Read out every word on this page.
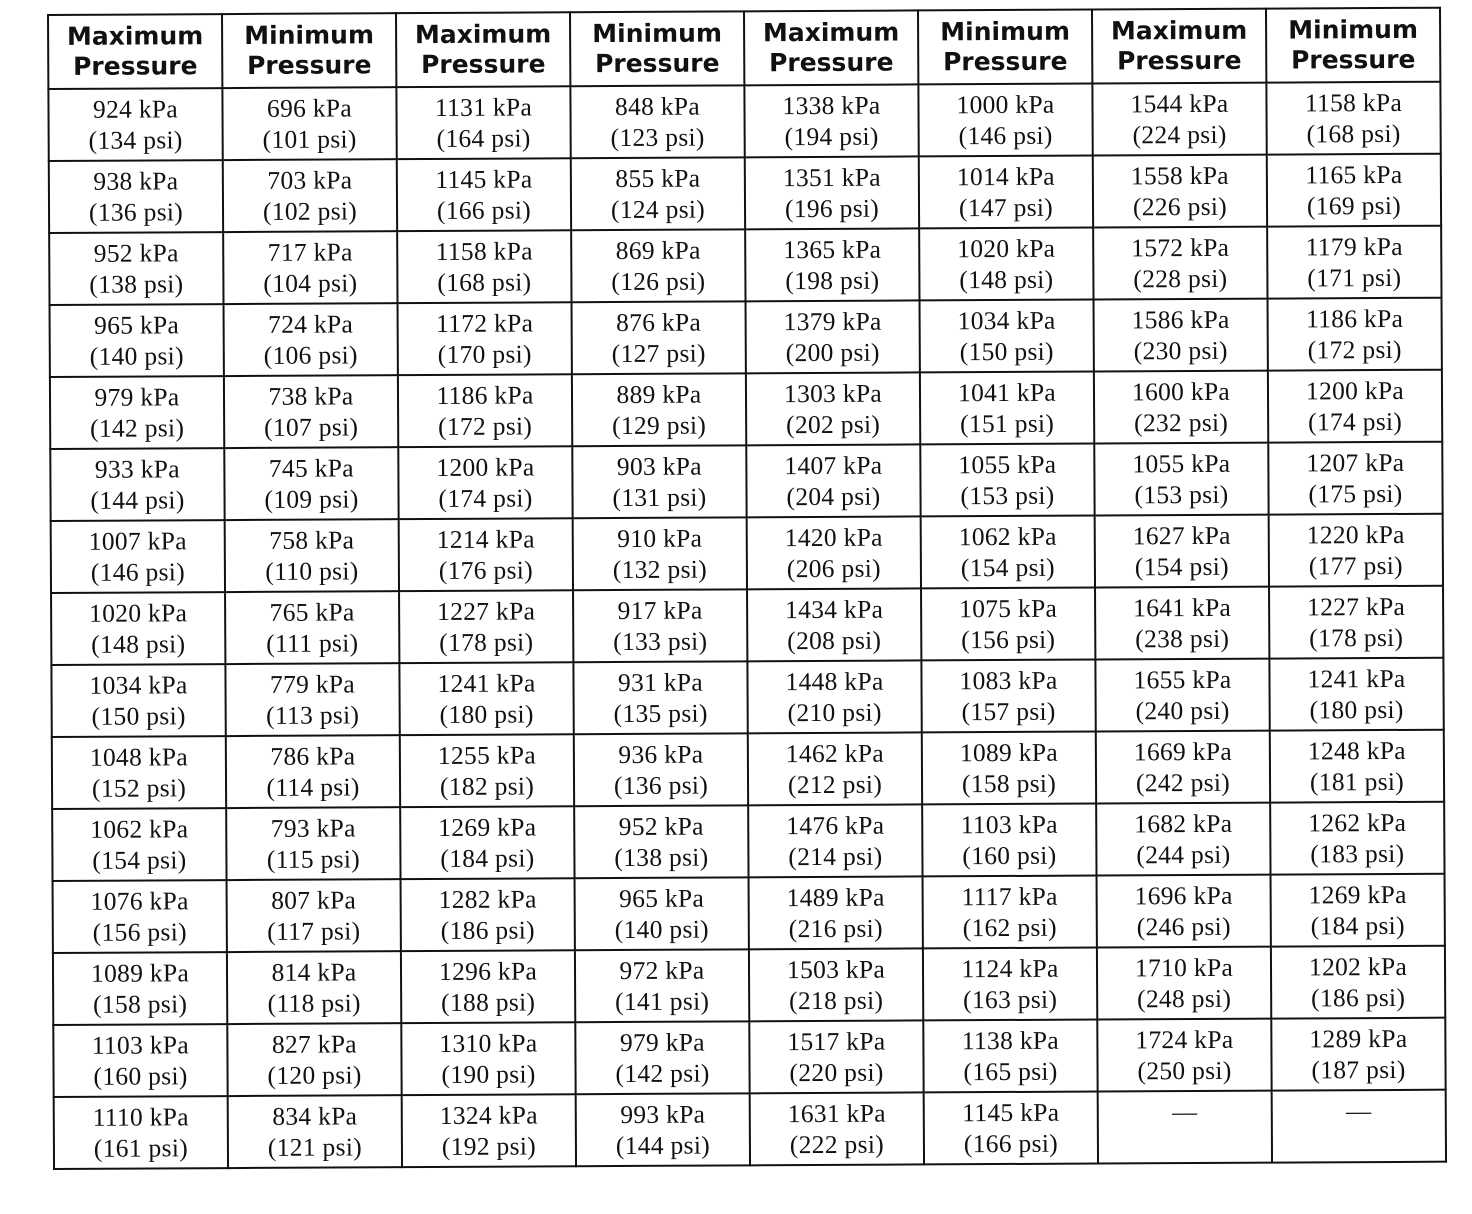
Maximum
Pressure	Minimum
Pressure	Maximum
Pressure	Minimum
Pressure	Maximum
Pressure	Minimum
Pressure	Maximum
Pressure	Minimum
Pressure

924 kPa
(134 psi)	696 kPa
(101 psi)	1131 kPa
(164 psi)	848 kPa
(123 psi)	1338 kPa
(194 psi)	1000 kPa
(146 psi)	1544 kPa
(224 psi)	1158 kPa
(168 psi)

938 kPa
(136 psi)	703 kPa
(102 psi)	1145 kPa
(166 psi)	855 kPa
(124 psi)	1351 kPa
(196 psi)	1014 kPa
(147 psi)	1558 kPa
(226 psi)	1165 kPa
(169 psi)

952 kPa
(138 psi)	717 kPa
(104 psi)	1158 kPa
(168 psi)	869 kPa
(126 psi)	1365 kPa
(198 psi)	1020 kPa
(148 psi)	1572 kPa
(228 psi)	1179 kPa
(171 psi)

965 kPa
(140 psi)	724 kPa
(106 psi)	1172 kPa
(170 psi)	876 kPa
(127 psi)	1379 kPa
(200 psi)	1034 kPa
(150 psi)	1586 kPa
(230 psi)	1186 kPa
(172 psi)

979 kPa
(142 psi)	738 kPa
(107 psi)	1186 kPa
(172 psi)	889 kPa
(129 psi)	1303 kPa
(202 psi)	1041 kPa
(151 psi)	1600 kPa
(232 psi)	1200 kPa
(174 psi)

933 kPa
(144 psi)	745 kPa
(109 psi)	1200 kPa
(174 psi)	903 kPa
(131 psi)	1407 kPa
(204 psi)	1055 kPa
(153 psi)	1055 kPa
(153 psi)	1207 kPa
(175 psi)

1007 kPa
(146 psi)	758 kPa
(110 psi)	1214 kPa
(176 psi)	910 kPa
(132 psi)	1420 kPa
(206 psi)	1062 kPa
(154 psi)	1627 kPa
(154 psi)	1220 kPa
(177 psi)

1020 kPa
(148 psi)	765 kPa
(111 psi)	1227 kPa
(178 psi)	917 kPa
(133 psi)	1434 kPa
(208 psi)	1075 kPa
(156 psi)	1641 kPa
(238 psi)	1227 kPa
(178 psi)

1034 kPa
(150 psi)	779 kPa
(113 psi)	1241 kPa
(180 psi)	931 kPa
(135 psi)	1448 kPa
(210 psi)	1083 kPa
(157 psi)	1655 kPa
(240 psi)	1241 kPa
(180 psi)

1048 kPa
(152 psi)	786 kPa
(114 psi)	1255 kPa
(182 psi)	936 kPa
(136 psi)	1462 kPa
(212 psi)	1089 kPa
(158 psi)	1669 kPa
(242 psi)	1248 kPa
(181 psi)

1062 kPa
(154 psi)	793 kPa
(115 psi)	1269 kPa
(184 psi)	952 kPa
(138 psi)	1476 kPa
(214 psi)	1103 kPa
(160 psi)	1682 kPa
(244 psi)	1262 kPa
(183 psi)

1076 kPa
(156 psi)	807 kPa
(117 psi)	1282 kPa
(186 psi)	965 kPa
(140 psi)	1489 kPa
(216 psi)	1117 kPa
(162 psi)	1696 kPa
(246 psi)	1269 kPa
(184 psi)

1089 kPa
(158 psi)	814 kPa
(118 psi)	1296 kPa
(188 psi)	972 kPa
(141 psi)	1503 kPa
(218 psi)	1124 kPa
(163 psi)	1710 kPa
(248 psi)	1202 kPa
(186 psi)

1103 kPa
(160 psi)	827 kPa
(120 psi)	1310 kPa
(190 psi)	979 kPa
(142 psi)	1517 kPa
(220 psi)	1138 kPa
(165 psi)	1724 kPa
(250 psi)	1289 kPa
(187 psi)

1110 kPa
(161 psi)	834 kPa
(121 psi)	1324 kPa
(192 psi)	993 kPa
(144 psi)	1631 kPa
(222 psi)	1145 kPa
(166 psi)	—	—
